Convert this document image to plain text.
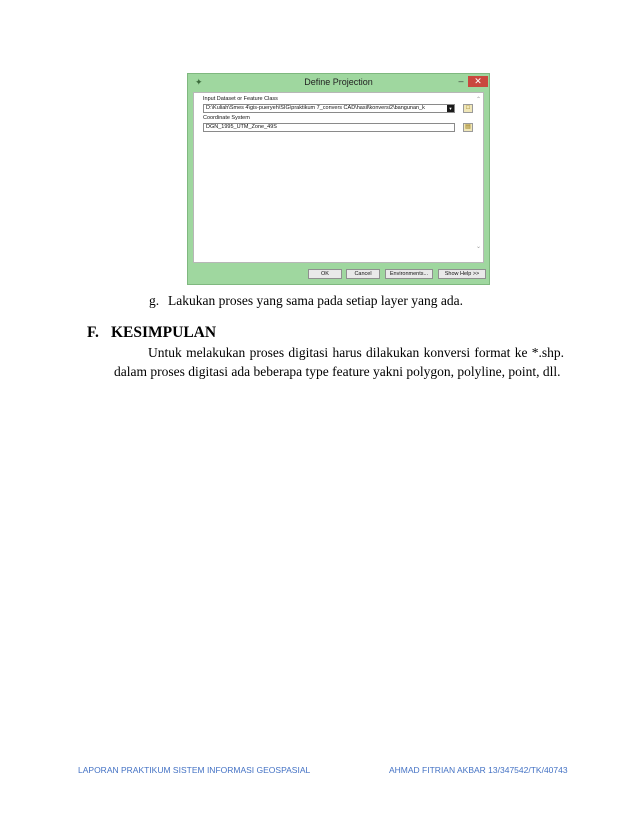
✦	Define Projection	–	✕
Input Dataset or Feature Class
D:\Kuliah\Smes 4\gis-pueryeh\SIG\praktikum 7_convers CAD\hasil\konversi2\bangunan_k	▼	□
Coordinate System
DGN_1995_UTM_Zone_49S	▤
⌃
⌄
OK	Cancel	Environments...	Show Help >>
g. Lakukan proses yang sama pada setiap layer yang ada.
F. KESIMPULAN
Untuk melakukan proses digitasi harus dilakukan konversi format ke *.shp. dalam proses digitasi ada beberapa type feature yakni polygon, polyline, point, dll.
LAPORAN PRAKTIKUM SISTEM INFORMASI GEOSPASIAL	AHMAD FITRIAN AKBAR 13/347542/TK/40743
